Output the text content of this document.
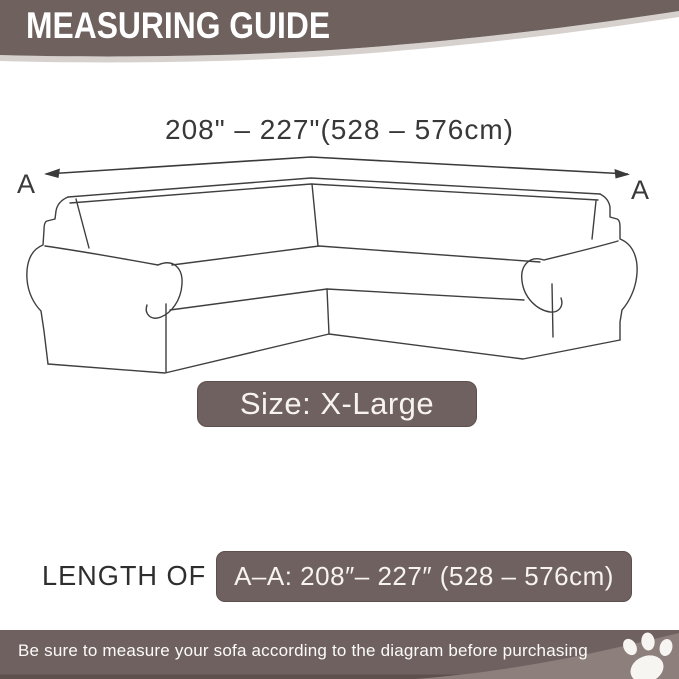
MEASURING GUIDE
208" – 227"(528 – 576cm)
A	A
Size: X-Large
LENGTH OF A–A: 208″– 227″ (528 – 576cm)
Be sure to measure your sofa according to the diagram before purchasing
